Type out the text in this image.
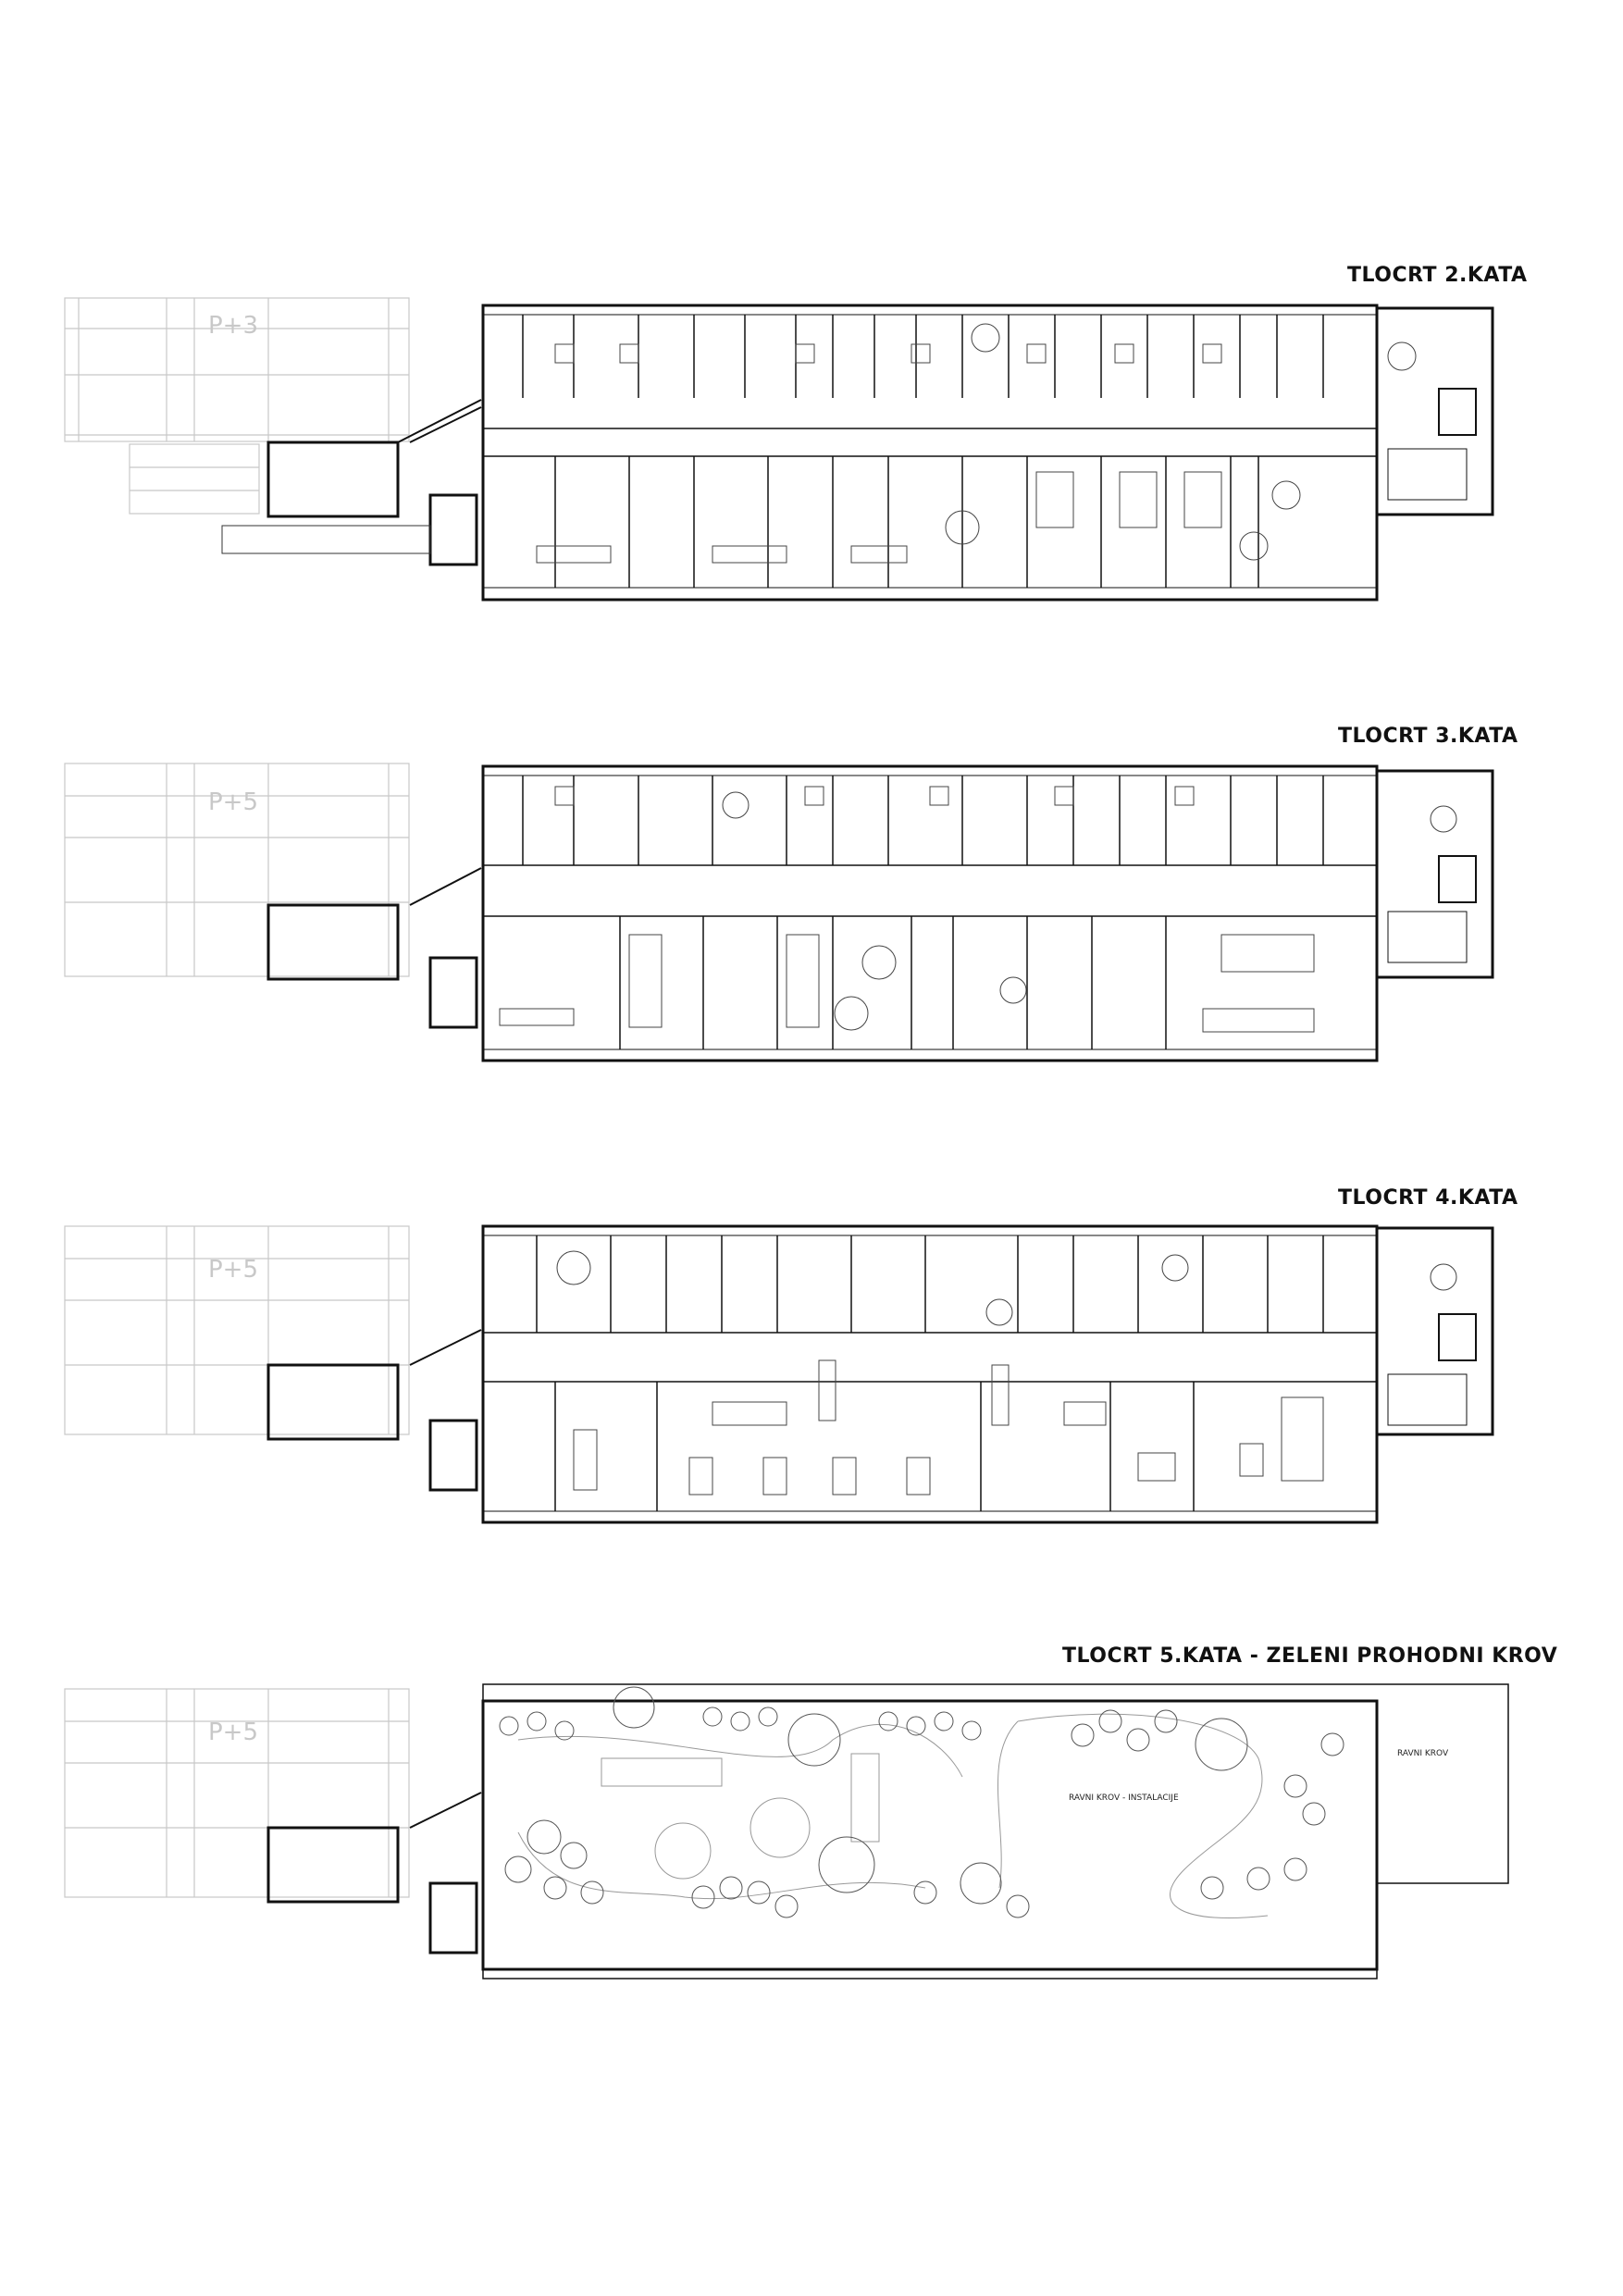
TLOCRT 2.KATA
TLOCRT 3.KATA
TLOCRT 4.KATA
TLOCRT 5.KATA - ZELENI PROHODNI KROV
P+3
P+5
P+5
P+5
RAVNI KROV - INSTALACIJE
RAVNI KROV
